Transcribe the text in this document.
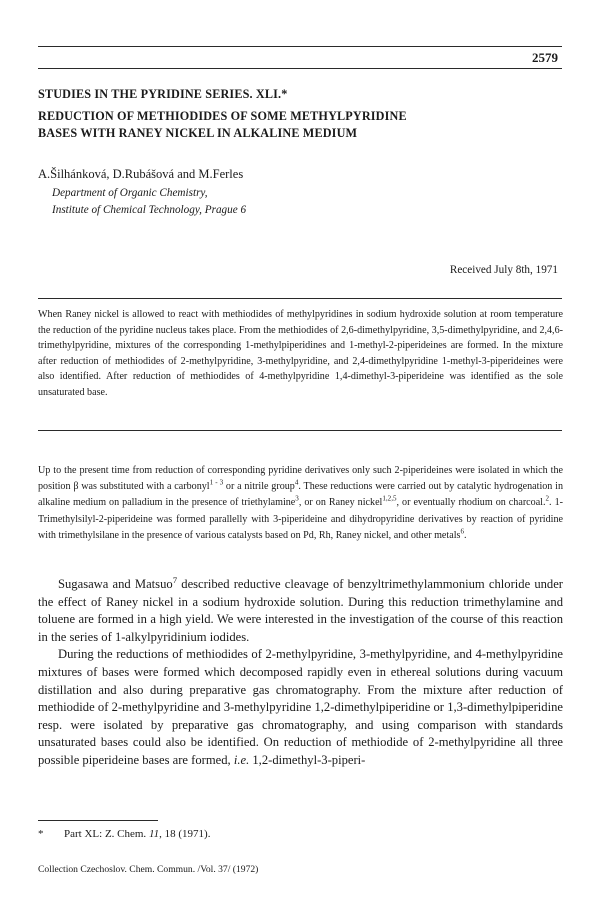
2579
STUDIES IN THE PYRIDINE SERIES. XLI.*
REDUCTION OF METHIODIDES OF SOME METHYLPYRIDINE
BASES WITH RANEY NICKEL IN ALKALINE MEDIUM
A.Šilhánková, D.Rubášová and M.Ferles
Department of Organic Chemistry,
Institute of Chemical Technology, Prague 6
Received July 8th, 1971
When Raney nickel is allowed to react with methiodides of methylpyridines in sodium hydroxide solution at room temperature the reduction of the pyridine nucleus takes place. From the methiodides of 2,6-dimethylpyridine, 3,5-dimethylpyridine, and 2,4,6-trimethylpyridine, mixtures of the corresponding 1-methylpiperidines and 1-methyl-2-piperideines are formed. In the mixture after reduction of methiodides of 2-methylpyridine, 3-methylpyridine, and 2,4-dimethylpyridine 1-methyl-3-piperideines were also identified. After reduction of methiodides of 4-methylpyridine 1,4-dimethyl-3-piperideine was identified as the sole unsaturated base.
Up to the present time from reduction of corresponding pyridine derivatives only such 2-piperideines were isolated in which the position β was substituted with a carbonyl$^{1 - 3}$ or a nitrile group$^4$. These reductions were carried out by catalytic hydrogenation in alkaline medium on palladium in the presence of triethylamine$^3$, or on Raney nickel$^{1,2,5}$, or eventually rhodium on charcoal.$^2$. 1-Trimethylsilyl-2-piperideine was formed parallelly with 3-piperideine and dihydropyridine derivatives by reaction of pyridine with trimethylsilane in the presence of various catalysts based on Pd, Rh, Raney nickel, and other metals$^6$.

Sugasawa and Matsuo$^7$ described reductive cleavage of benzyltrimethylammonium chloride under the effect of Raney nickel in a sodium hydroxide solution. During this reduction trimethylamine and toluene are formed in a high yield. We were interested in the investigation of the course of this reaction in the series of 1-alkylpyridinium iodides.

During the reductions of methiodides of 2-methylpyridine, 3-methylpyridine, and 4-methylpyridine mixtures of bases were formed which decomposed rapidly even in ethereal solutions during vacuum distillation and also during preparative gas chromatography. From the mixture after reduction of methiodide of 2-methylpyridine and 3-methylpyridine 1,2-dimethylpiperidine or 1,3-dimethylpiperidine resp. were isolated by preparative gas chromatography, and using comparison with standards unsaturated bases could also be identified. On reduction of methiodide of 2-methylpyridine all three possible piperideine bases are formed, i.e. 1,2-dimethyl-3-piperi-

* Part XL: Z. Chem. 11, 18 (1971).
Collection Czechoslov. Chem. Commun. /Vol. 37/ (1972)
